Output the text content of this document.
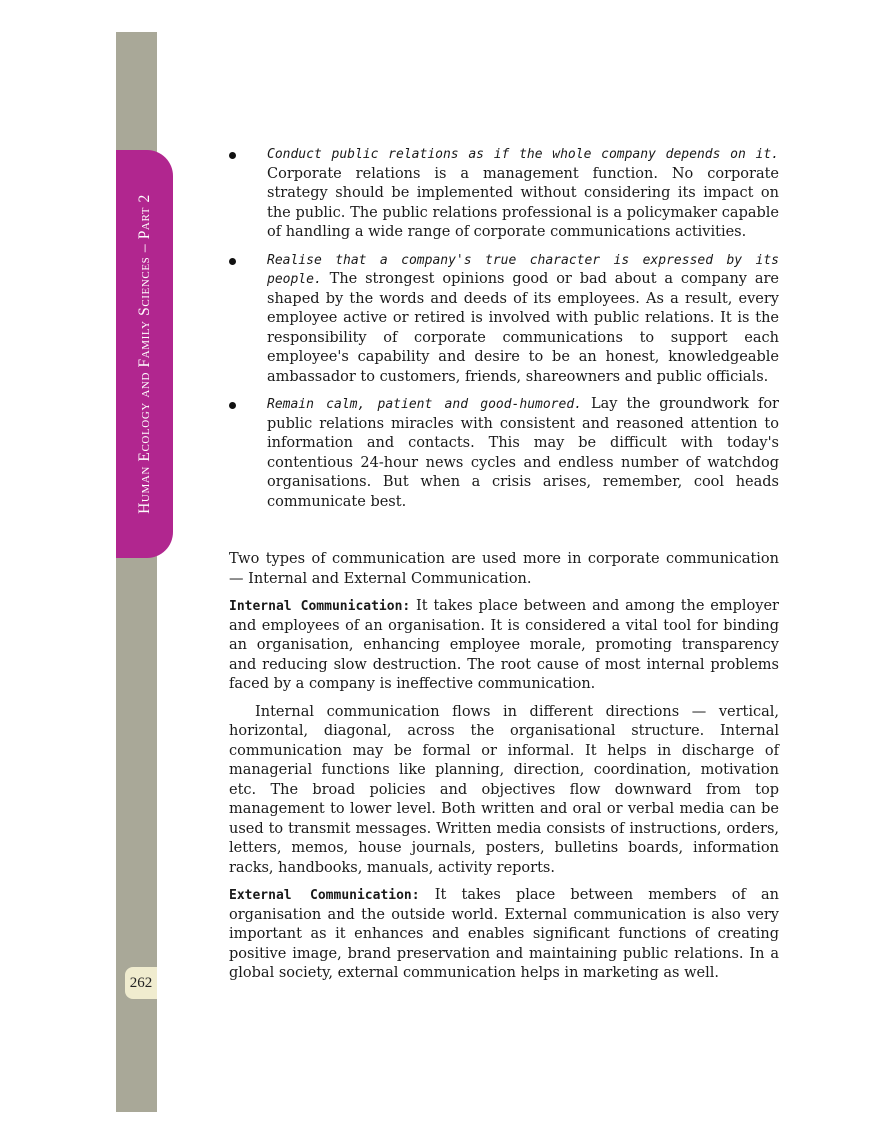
Human Ecology and Family Sciences – Part 2
262
Conduct public relations as if the whole company depends on it. Corporate relations is a management function. No corporate strategy should be implemented without considering its impact on the public. The public relations professional is a policymaker capable of handling a wide range of corporate communications activities.
Realise that a company's true character is expressed by its people. The strongest opinions good or bad about a company are shaped by the words and deeds of its employees. As a result, every employee active or retired is involved with public relations. It is the responsibility of corporate communications to support each employee's capability and desire to be an honest, knowledgeable ambassador to customers, friends, shareowners and public officials.
Remain calm, patient and good-humored. Lay the groundwork for public relations miracles with consistent and reasoned attention to information and contacts. This may be difficult with today's contentious 24-hour news cycles and endless number of watchdog organisations. But when a crisis arises, remember, cool heads communicate best.

Two types of communication are used more in corporate communication — Internal and External Communication.

Internal Communication: It takes place between and among the employer and employees of an organisation. It is considered a vital tool for binding an organisation, enhancing employee morale, promoting transparency and reducing slow destruction. The root cause of most internal problems faced by a company is ineffective communication.

Internal communication flows in different directions — vertical, horizontal, diagonal, across the organisational structure. Internal communication may be formal or informal. It helps in discharge of managerial functions like planning, direction, coordination, motivation etc. The broad policies and objectives flow downward from top management to lower level. Both written and oral or verbal media can be used to transmit messages. Written media consists of instructions, orders, letters, memos, house journals, posters, bulletins boards, information racks, handbooks, manuals, activity reports.

External Communication: It takes place between members of an organisation and the outside world. External communication is also very important as it enhances and enables significant functions of creating positive image, brand preservation and maintaining public relations. In a global society, external communication helps in marketing as well.
